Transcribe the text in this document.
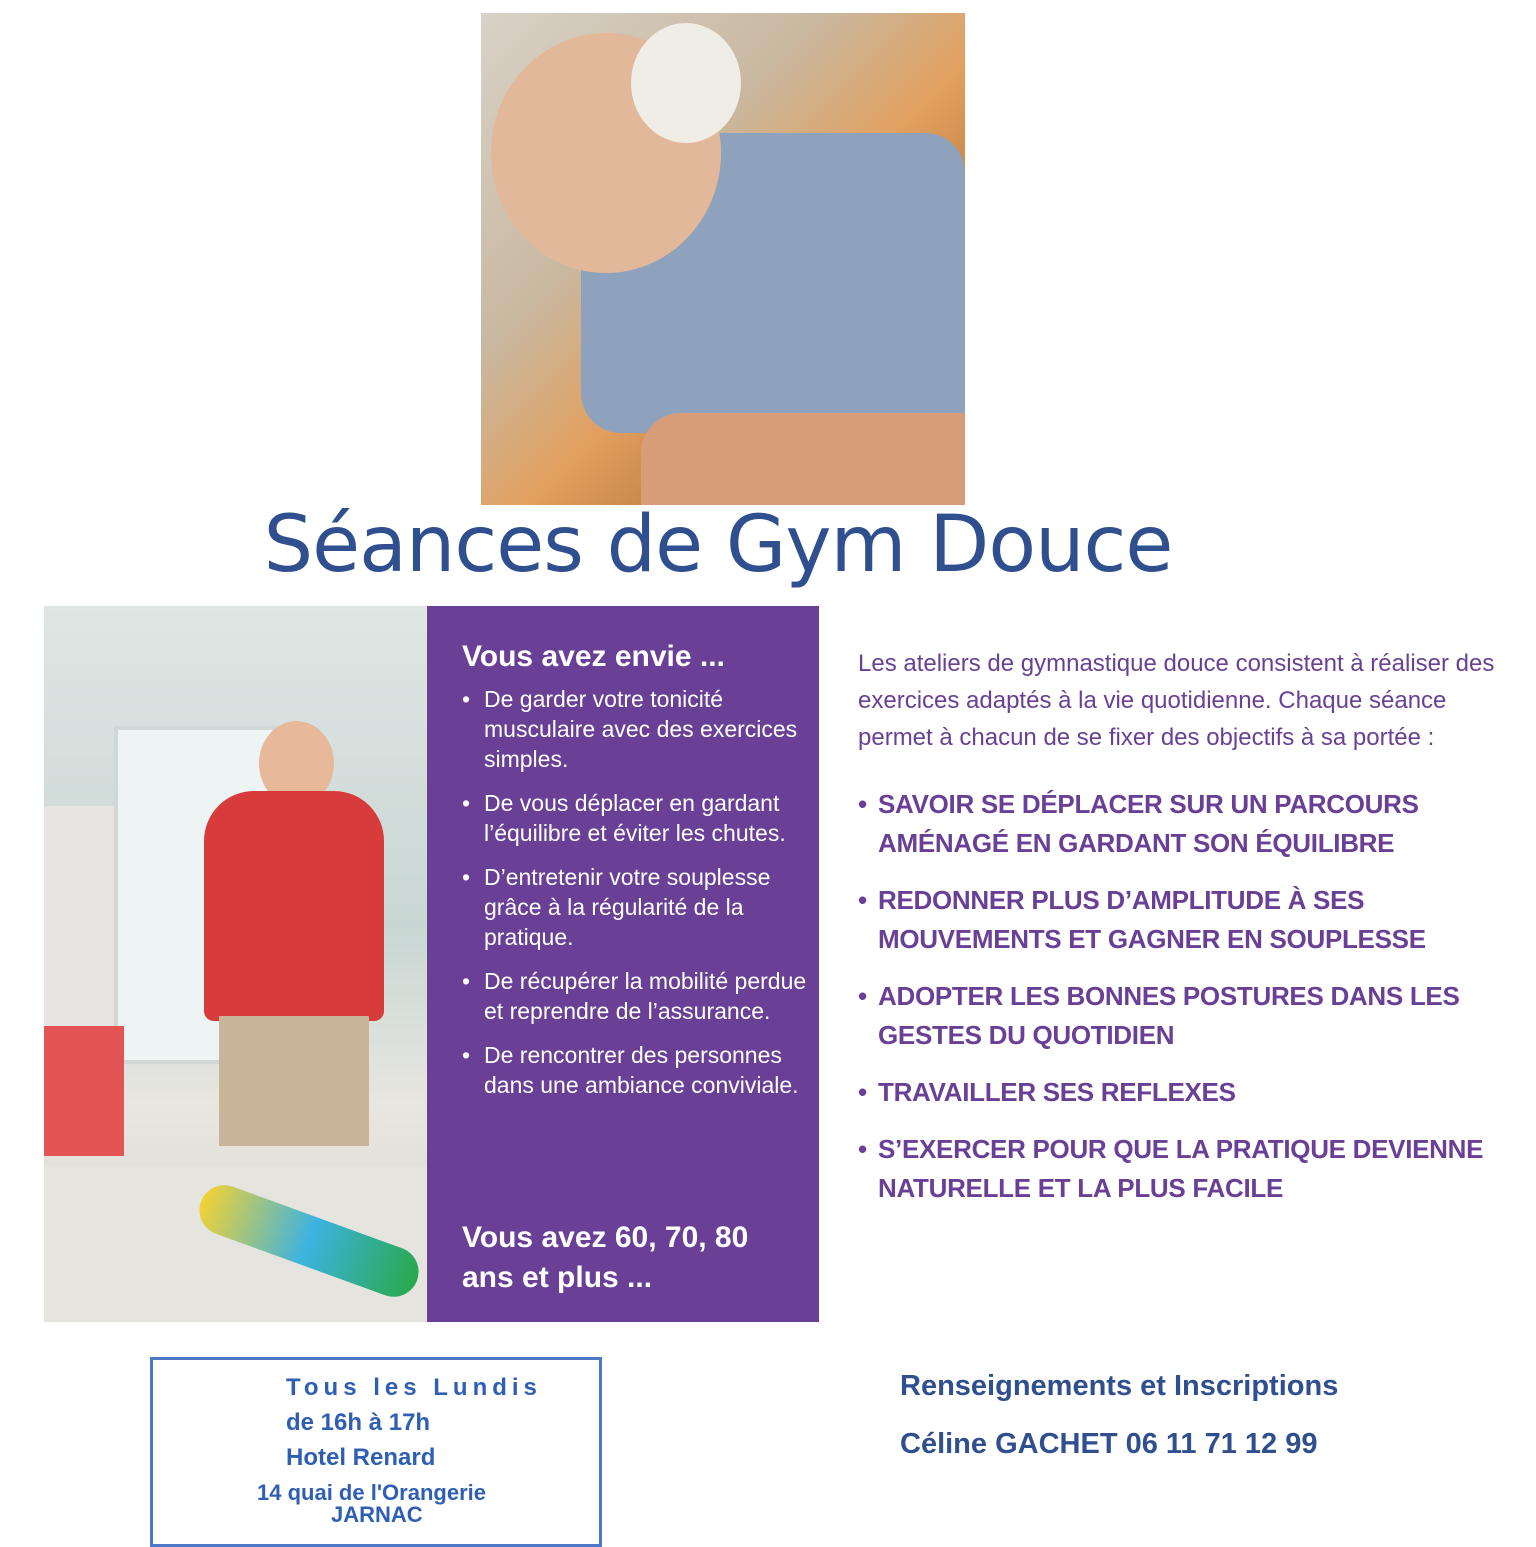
Séances de Gym Douce
Vous avez envie ...
• De garder votre tonicité musculaire avec des exercices simples.
• De vous déplacer en gardant l’équilibre et éviter les chutes.
• D’entretenir votre souplesse grâce à la régularité de la pratique.
• De récupérer la mobilité perdue et reprendre de l’assurance.
• De rencontrer des personnes dans une ambiance conviviale.
Vous avez 60, 70, 80 ans et plus ...
Les ateliers de gymnastique douce consistent à réaliser des exercices adaptés à la vie quotidienne. Chaque séance permet à chacun de se fixer des objectifs à sa portée :
• SAVOIR SE DÉPLACER SUR UN PARCOURS AMÉNAGÉ EN GARDANT SON ÉQUILIBRE
• REDONNER PLUS D’AMPLITUDE À SES MOUVEMENTS ET GAGNER EN SOUPLESSE
• ADOPTER LES BONNES POSTURES DANS LES GESTES DU QUOTIDIEN
• TRAVAILLER SES REFLEXES
• S’EXERCER POUR QUE LA PRATIQUE DEVIENNE NATURELLE ET LA PLUS FACILE
Tous les Lundis
de 16h à 17h
Hotel Renard
14 quai de l'Orangerie
JARNAC
Renseignements et Inscriptions
Céline GACHET 06 11 71 12 99
